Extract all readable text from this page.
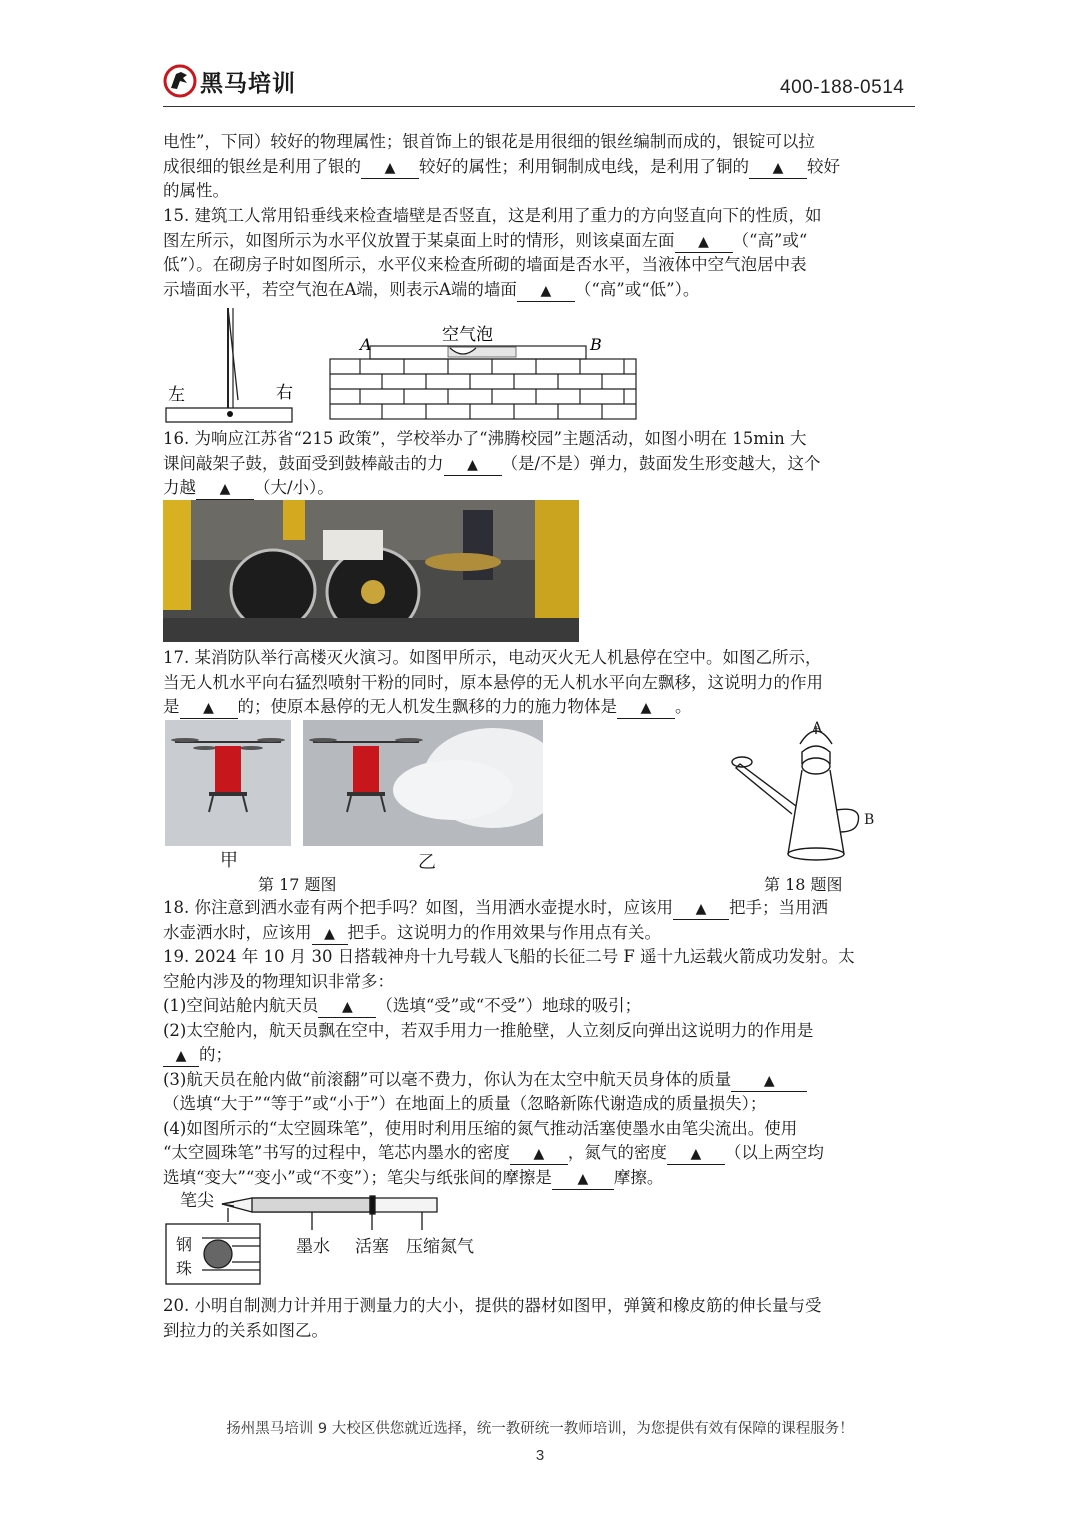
黑马培训	400-188-0514
电性”，下同）较好的物理属性；银首饰上的银花是用很细的银丝编制而成的，银锭可以拉
成很细的银丝是利用了银的 ▲ 较好的属性；利用铜制成电线，是利用了铜的 ▲ 较好
的属性。
15. 建筑工人常用铅垂线来检查墙壁是否竖直，这是利用了重力的方向竖直向下的性质，如
图左所示，如图所示为水平仪放置于某桌面上时的情形，则该桌面左面 ▲ （“高”或“
低”）。在砌房子时如图所示，水平仪来检查所砌的墙面是否水平，当液体中空气泡居中表
示墙面水平，若空气泡在A端，则表示A端的墙面 ▲ （“高”或“低”）。
左	右
空气泡
A	B
16. 为响应江苏省“215 政策”，学校举办了“沸腾校园”主题活动，如图小明在 15min 大
课间敲架子鼓，鼓面受到鼓棒敲击的力 ▲ （是/不是）弹力，鼓面发生形变越大，这个
力越 ▲ （大/小）。
17. 某消防队举行高楼灭火演习。如图甲所示，电动灭火无人机悬停在空中。如图乙所示，
当无人机水平向右猛烈喷射干粉的同时，原本悬停的无人机水平向左飘移，这说明力的作用
是 ▲ 的；使原本悬停的无人机发生飘移的力的施力物体是 ▲ 。
甲	乙
第 17 题图
A
B
第 18 题图
18. 你注意到洒水壶有两个把手吗？如图，当用洒水壶提水时，应该用 ▲ 把手；当用洒
水壶洒水时，应该用 ▲ 把手。这说明力的作用效果与作用点有关。
19. 2024 年 10 月 30 日搭载神舟十九号载人飞船的长征二号 F 遥十九运载火箭成功发射。太
空舱内涉及的物理知识非常多：
(1)空间站舱内航天员 ▲ （选填“受”或“不受”）地球的吸引；
(2)太空舱内，航天员飘在空中，若双手用力一推舱壁，人立刻反向弹出这说明力的作用是
▲ 的；
(3)航天员在舱内做“前滚翻”可以毫不费力，你认为在太空中航天员身体的质量 ▲
（选填“大于”“等于”或“小于”）在地面上的质量（忽略新陈代谢造成的质量损失）；
(4)如图所示的“太空圆珠笔”，使用时利用压缩的氮气推动活塞使墨水由笔尖流出。使用
“太空圆珠笔”书写的过程中，笔芯内墨水的密度 ▲ ，氮气的密度 ▲ （以上两空均
选填“变大”“变小”或“不变”）；笔尖与纸张间的摩擦是 ▲ 摩擦。
笔尖
墨水 活塞 压缩氮气
钢
珠
20. 小明自制测力计并用于测量力的大小，提供的器材如图甲，弹簧和橡皮筋的伸长量与受
到拉力的关系如图乙。
扬州黑马培训 9 大校区供您就近选择，统一教研统一教师培训，为您提供有效有保障的课程服务！
3
